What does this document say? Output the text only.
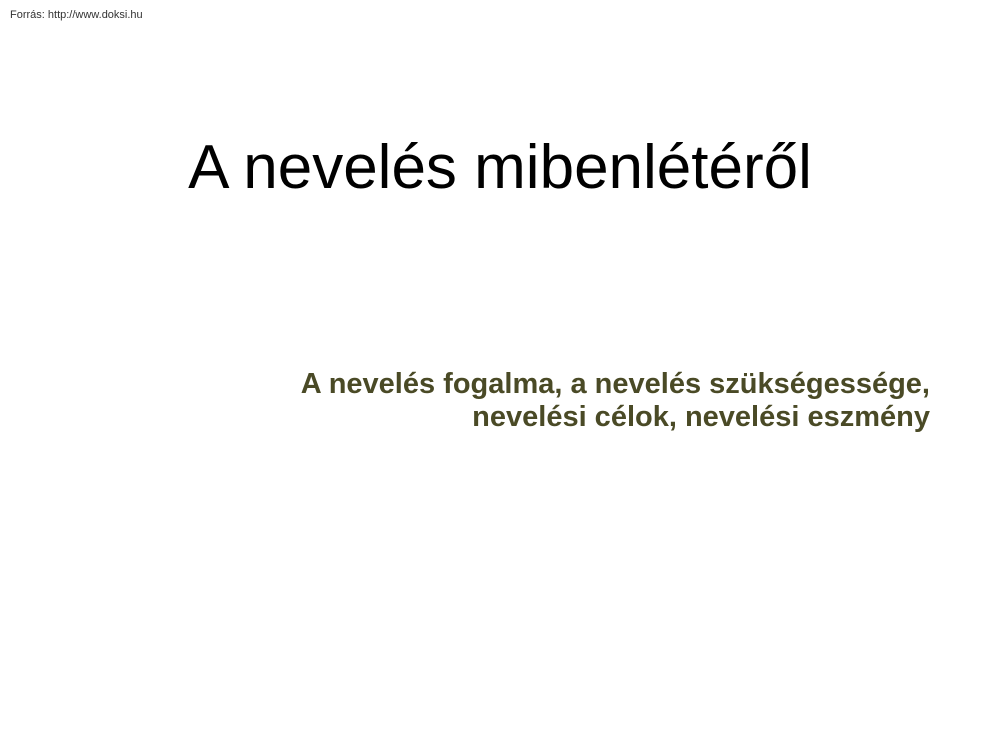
Forrás: http://www.doksi.hu
A nevelés mibenlétéről
A nevelés fogalma, a nevelés szükségessége,
nevelési célok, nevelési eszmény
